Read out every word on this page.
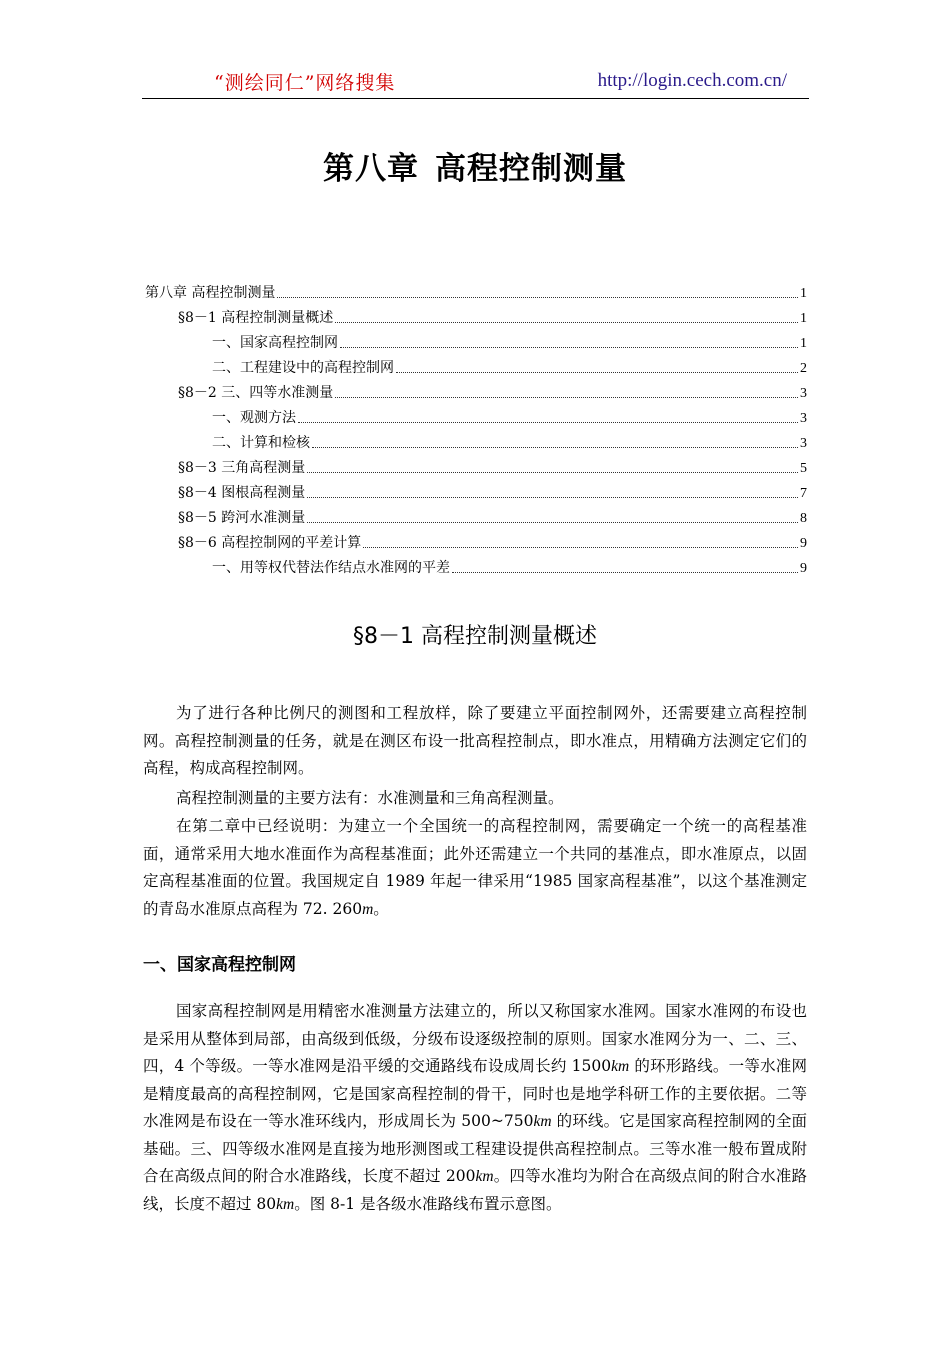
“测绘同仁”网络搜集	http://login.cech.com.cn/
第八章 高程控制测量
第八章 高程控制测量	1
§8－1 高程控制测量概述	1
一、国家高程控制网	1
二、工程建设中的高程控制网	2
§8－2 三、四等水准测量	3
一、观测方法	3
二、计算和检核	3
§8－3 三角高程测量	5
§8－4 图根高程测量	7
§8－5 跨河水准测量	8
§8－6 高程控制网的平差计算	9
一、用等权代替法作结点水准网的平差	9
§8－1 高程控制测量概述

为了进行各种比例尺的测图和工程放样，除了要建立平面控制网外，还需要建立高程控制网。高程控制测量的任务，就是在测区布设一批高程控制点，即水准点，用精确方法测定它们的高程，构成高程控制网。

高程控制测量的主要方法有：水准测量和三角高程测量。

在第二章中已经说明：为建立一个全国统一的高程控制网，需要确定一个统一的高程基准面，通常采用大地水准面作为高程基准面；此外还需建立一个共同的基准点，即水准原点，以固定高程基准面的位置。我国规定自 1989 年起一律采用“1985 国家高程基准”，以这个基准测定的青岛水准原点高程为 72. 260m。

一、国家高程控制网

国家高程控制网是用精密水准测量方法建立的，所以又称国家水准网。国家水准网的布设也是采用从整体到局部，由高级到低级，分级布设逐级控制的原则。国家水准网分为一、二、三、四，4 个等级。一等水准网是沿平缓的交通路线布设成周长约 1500km 的环形路线。一等水准网是精度最高的高程控制网，它是国家高程控制的骨干，同时也是地学科研工作的主要依据。二等水准网是布设在一等水准环线内，形成周长为 500~750km 的环线。它是国家高程控制网的全面基础。三、四等级水准网是直接为地形测图或工程建设提供高程控制点。三等水准一般布置成附合在高级点间的附合水准路线，长度不超过 200km。四等水准均为附合在高级点间的附合水准路线，长度不超过 80km。图 8-1 是各级水准路线布置示意图。
